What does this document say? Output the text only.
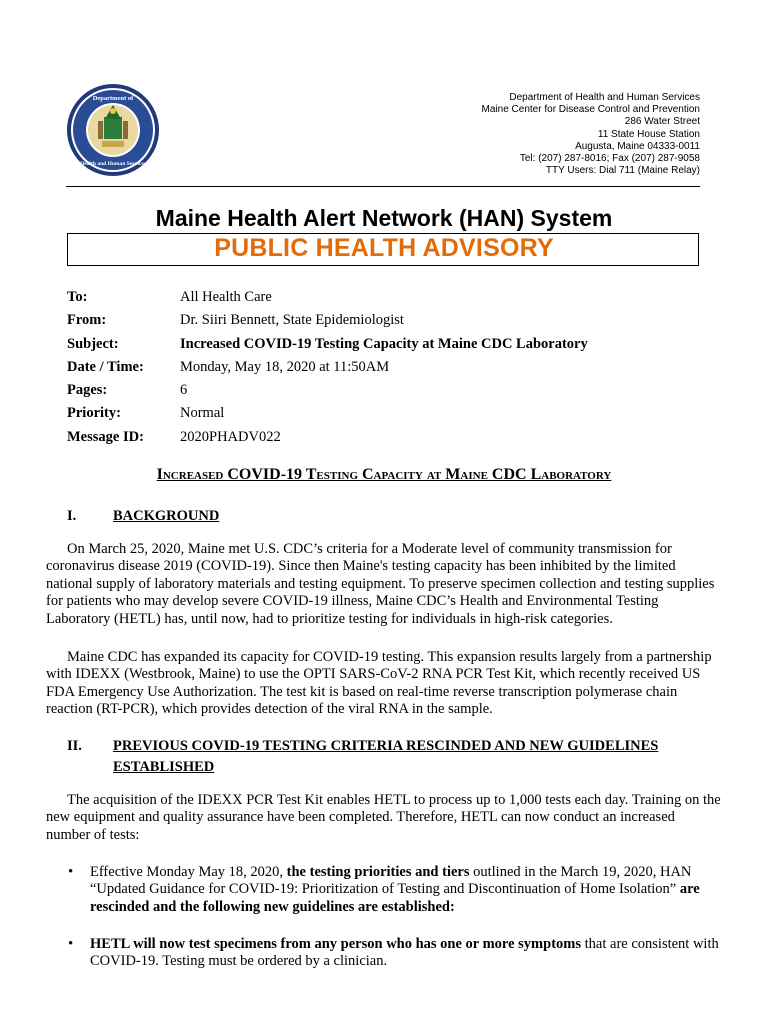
Department of
Health and Human Services
Department of Health and Human Services
Maine Center for Disease Control and Prevention
286 Water Street
11 State House Station
Augusta, Maine 04333-0011
Tel: (207) 287-8016; Fax (207) 287-9058
TTY Users: Dial 711 (Maine Relay)
Maine Health Alert Network (HAN) System
PUBLIC HEALTH ADVISORY
To:	All Health Care
From:	Dr. Siiri Bennett, State Epidemiologist
Subject:	Increased COVID-19 Testing Capacity at Maine CDC Laboratory
Date / Time: Monday, May 18, 2020 at 11:50AM
Pages:	6
Priority:	Normal
Message ID: 2020PHADV022
Increased COVID-19 Testing Capacity at Maine CDC Laboratory
I.	BACKGROUND
On March 25, 2020, Maine met U.S. CDC’s criteria for a Moderate level of community transmission for coronavirus disease 2019 (COVID-19). Since then Maine's testing capacity has been inhibited by the limited national supply of laboratory materials and testing equipment. To preserve specimen collection and testing supplies for patients who may develop severe COVID-19 illness, Maine CDC’s Health and Environmental Testing Laboratory (HETL) has, until now, had to prioritize testing for individuals in high-risk categories.
Maine CDC has expanded its capacity for COVID-19 testing. This expansion results largely from a partnership with IDEXX (Westbrook, Maine) to use the OPTI SARS-CoV-2 RNA PCR Test Kit, which recently received US FDA Emergency Use Authorization. The test kit is based on real-time reverse transcription polymerase chain reaction (RT-PCR), which provides detection of the viral RNA in the sample.
II. PREVIOUS COVID-19 TESTING CRITERIA RESCINDED AND NEW GUIDELINES
ESTABLISHED
The acquisition of the IDEXX PCR Test Kit enables HETL to process up to 1,000 tests each day. Training on the new equipment and quality assurance have been completed. Therefore, HETL can now conduct an increased number of tests:
• Effective Monday May 18, 2020, the testing priorities and tiers outlined in the March 19, 2020, HAN “Updated Guidance for COVID-19: Prioritization of Testing and Discontinuation of Home Isolation” are rescinded and the following new guidelines are established:
• HETL will now test specimens from any person who has one or more symptoms that are consistent with COVID-19. Testing must be ordered by a clinician.
